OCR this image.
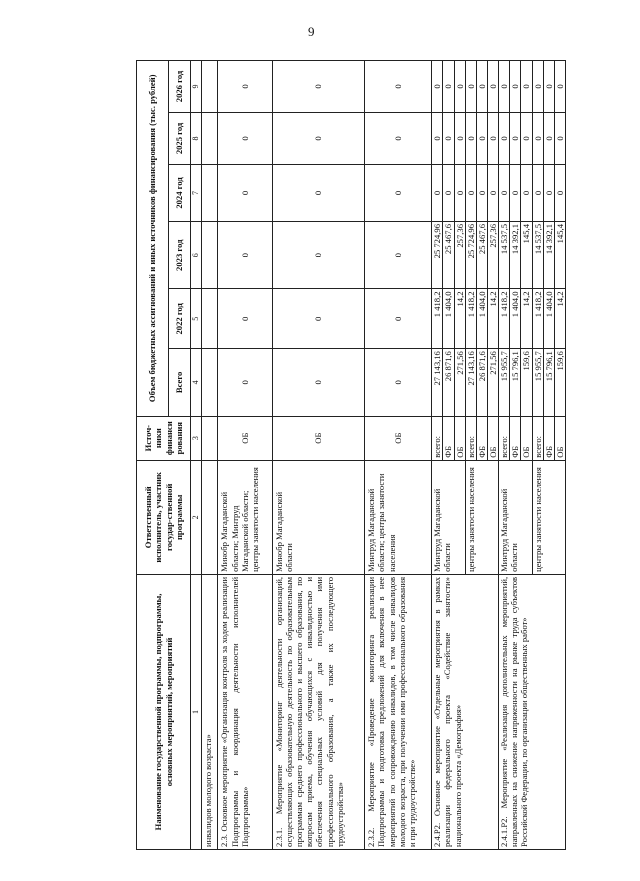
9
Наименование государственной программы, подпрограммы, основных мероприятий, мероприятий	Ответственный исполнитель, участник государ-ственной программы	Источ-ники финанси рования	Объем бюджетных ассигнований и иных источников финансирования (тыс. рублей)					
			Всего	2022 год	2023 год	2024 год	2025 год	2026 год
1	2	3	4	5	6	7	8	9
инвалидов молодого возраста»								
2.3. Основное мероприятие «Организация контроля за ходом реализации Подпрограммы и координация деятельности исполнителей Подпрограммы»	Минобр Магаданской области; Минтруд Магаданской области; центры занятости населения	ОБ	0	0	0	0	0	0
2.3.1. Мероприятие «Мониторинг деятельности организаций, осуществляющих образовательную деятельность по образовательным программам среднего профессионального и высшего образования, по вопросам приема, обучения обучающихся с инвалидностью и обеспечения специальных условий для получения ими профессионального образования, а также их последующего трудоустройства»	Минобр Магаданской области	ОБ	0	0	0	0	0	0
2.3.2. Мероприятие «Проведение мониторинга реализации Подпрограммы и подготовка предложений для включения в нее мероприятий по сопровождению инвалидов, в том числе инвалидов молодого возраста, при получении ими профессионального образования и при трудоустройстве»	Минтруд Магаданской области; центры занятости населения	ОБ	0	0	0	0	0	0
2.4.Р2. Основное мероприятие «Отдельные мероприятия в рамках реализации федерального проекта «Содействие занятости» национального проекта «Демография»	Минтруд Магаданской области	всего:	27 143,16	1 418,2	25 724,96	0	0	0
		ФБ	26 871,6	1 404,0	25 467,6	0	0	0
		ОБ	271,56	14,2	257,36	0	0	0
	центры занятости населения	всего:	27 143,16	1 418,2	25 724,96	0	0	0
		ФБ	26 871,6	1 404,0	25 467,6	0	0	0
		ОБ	271,56	14,2	257,36	0	0	0
2.4.1.Р2. Мероприятие «Реализация дополнительных мероприятий, направленных на снижение напряженности на рынке труда субъектов Российской Федерации, по организации общественных работ»	Минтруд Магаданской области	всего:	15 955,7	1 418,2	14 537,5	0	0	0
		ФБ	15 796,1	1 404,0	14 392,1	0	0	0
		ОБ	159,6	14,2	145,4	0	0	0
	центры занятости населения	всего:	15 955,7	1 418,2	14 537,5	0	0	0
		ФБ	15 796,1	1 404,0	14 392,1	0	0	0
		ОБ	159,6	14,2	145,4	0	0	0
